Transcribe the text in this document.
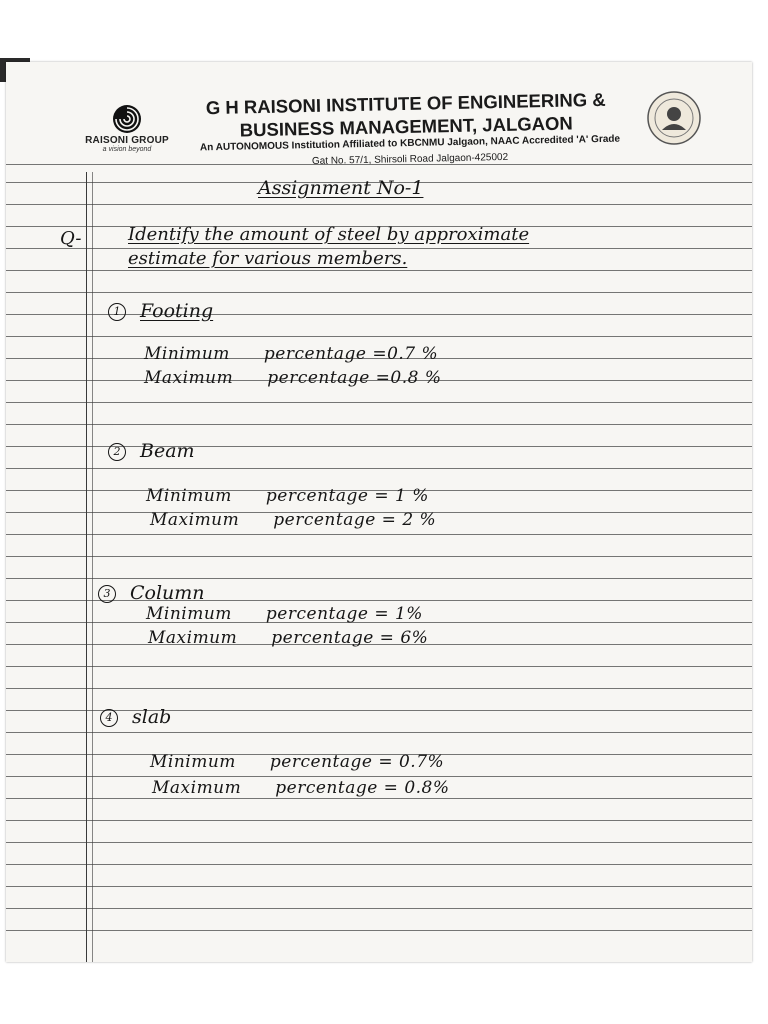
RAISONI GROUP
a vision beyond
G H RAISONI INSTITUTE OF ENGINEERING &
BUSINESS MANAGEMENT, JALGAON
An AUTONOMOUS Institution Affiliated to KBCNMU Jalgaon, NAAC Accredited 'A' Grade
Gat No. 57/1, Shirsoli Road Jalgaon-425002
Assignment No-1
Q-	Identify the amount of steel by approximate
estimate for various members.
1 Footing
Minimum percentage =0.7 %
Maximum percentage =0.8 %
2 Beam
Minimum percentage = 1 %
Maximum percentage = 2 %
3 Column
Minimum percentage = 1%
Maximum percentage = 6%
4 slab
Minimum percentage = 0.7%
Maximum percentage = 0.8%
